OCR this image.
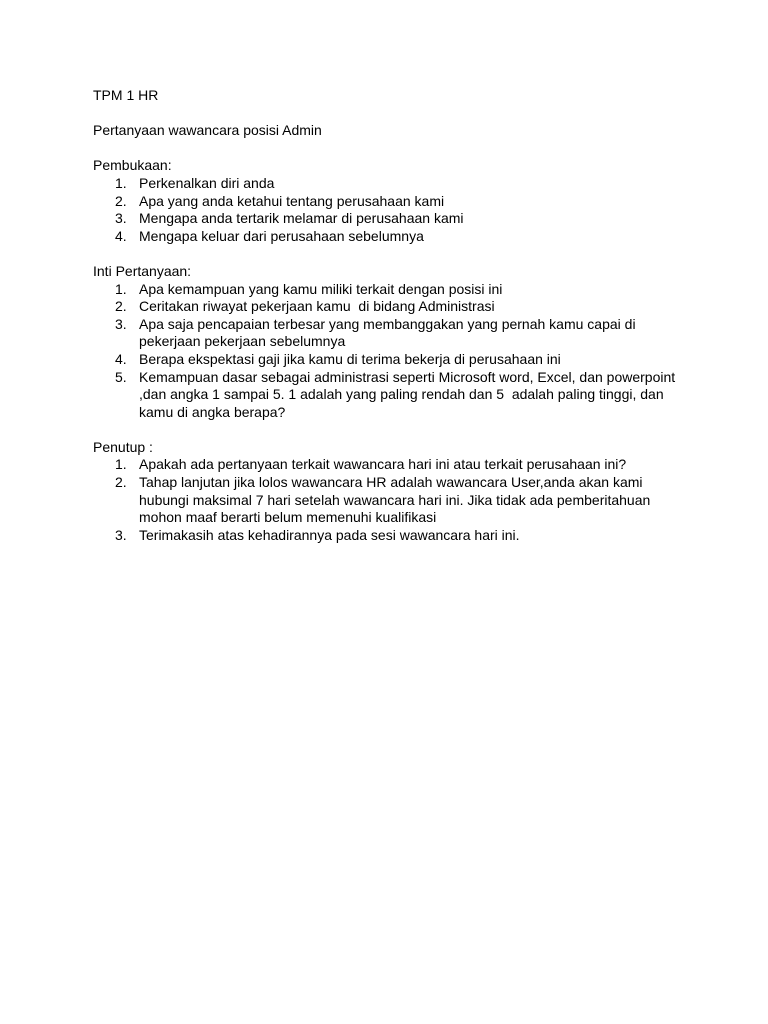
TPM 1 HR
Pertanyaan wawancara posisi Admin
Pembukaan:
1. Perkenalkan diri anda
2. Apa yang anda ketahui tentang perusahaan kami
3. Mengapa anda tertarik melamar di perusahaan kami
4. Mengapa keluar dari perusahaan sebelumnya
Inti Pertanyaan:
1. Apa kemampuan yang kamu miliki terkait dengan posisi ini
2. Ceritakan riwayat pekerjaan kamu  di bidang Administrasi
3. Apa saja pencapaian terbesar yang membanggakan yang pernah kamu capai di pekerjaan pekerjaan sebelumnya
4. Berapa ekspektasi gaji jika kamu di terima bekerja di perusahaan ini
5. Kemampuan dasar sebagai administrasi seperti Microsoft word, Excel, dan powerpoint ,dan angka 1 sampai 5. 1 adalah yang paling rendah dan 5  adalah paling tinggi, dan kamu di angka berapa?
Penutup :
1. Apakah ada pertanyaan terkait wawancara hari ini atau terkait perusahaan ini?
2. Tahap lanjutan jika lolos wawancara HR adalah wawancara User,anda akan kami hubungi maksimal 7 hari setelah wawancara hari ini. Jika tidak ada pemberitahuan mohon maaf berarti belum memenuhi kualifikasi
3. Terimakasih atas kehadirannya pada sesi wawancara hari ini.
